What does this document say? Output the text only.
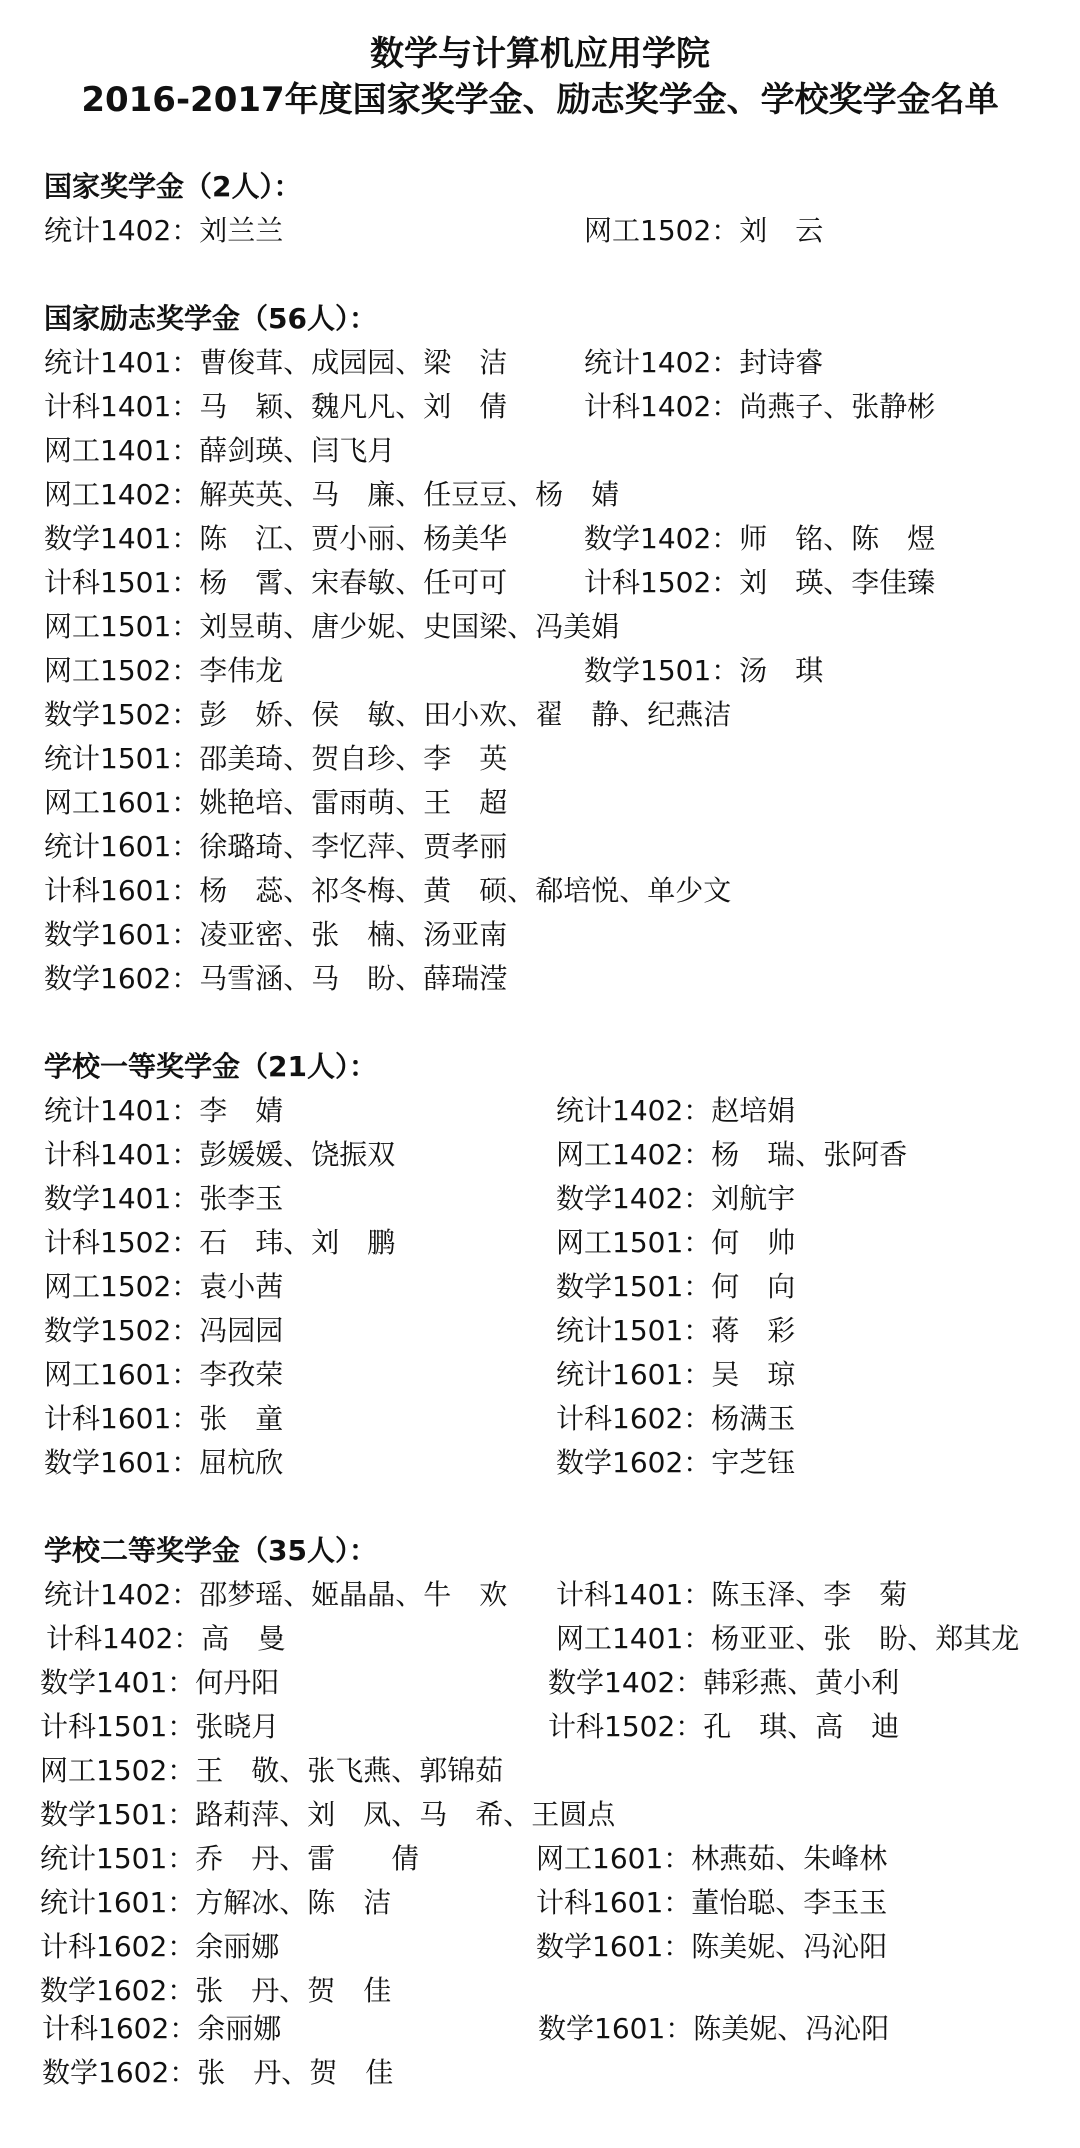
数学与计算机应用学院
2016-2017年度国家奖学金、励志奖学金、学校奖学金名单

国家奖学金（2人）：

统计1402：刘兰兰	网工1502：刘　云

国家励志奖学金（56人）：

统计1401：曹俊茸、成园园、梁　洁	统计1402：封诗睿

计科1401：马　颖、魏凡凡、刘　倩	计科1402：尚燕子、张静彬

网工1401：薛剑瑛、闫飞月

网工1402：解英英、马　廉、任豆豆、杨　婧

数学1401：陈　江、贾小丽、杨美华	数学1402：师　铭、陈　煜

计科1501：杨　霄、宋春敏、任可可	计科1502：刘　瑛、李佳臻

网工1501：刘昱萌、唐少妮、史国梁、冯美娟

网工1502：李伟龙	数学1501：汤　琪

数学1502：彭　娇、侯　敏、田小欢、翟　静、纪燕洁

统计1501：邵美琦、贺自珍、李　英

网工1601：姚艳培、雷雨萌、王　超

统计1601：徐璐琦、李忆萍、贾孝丽

计科1601：杨　蕊、祁冬梅、黄　硕、郗培悦、单少文

数学1601：凌亚密、张　楠、汤亚南

数学1602：马雪涵、马　盼、薛瑞滢

学校一等奖学金（21人）：

统计1401：李　婧	统计1402：赵培娟

计科1401：彭媛媛、饶振双	网工1402：杨　瑞、张阿香

数学1401：张李玉	数学1402：刘航宇

计科1502：石　玮、刘　鹏	网工1501：何　帅

网工1502：袁小茜	数学1501：何　向

数学1502：冯园园	统计1501：蒋　彩

网工1601：李孜荣	统计1601：吴　琼

计科1601：张　童	计科1602：杨满玉

数学1601：屈杭欣	数学1602：宇芝钰

学校二等奖学金（35人）：

统计1402：邵梦瑶、姬晶晶、牛　欢 计科1401：陈玉泽、李　菊

计科1402：高　曼	网工1401：杨亚亚、张　盼、郑其龙

数学1401：何丹阳	数学1402：韩彩燕、黄小利

计科1501：张晓月	计科1502：孔　琪、高　迪

网工1502：王　敬、张飞燕、郭锦茹

数学1501：路莉萍、刘　凤、马　希、王圆点

统计1501：乔　丹、雷　　倩	网工1601：林燕茹、朱峰林

统计1601：方解冰、陈　洁	计科1601：董怡聪、李玉玉

计科1602：余丽娜	数学1601：陈美妮、冯沁阳

数学1602：张　丹、贺　佳

计科1602：余丽娜	数学1601：陈美妮、冯沁阳

数学1602：张　丹、贺　佳
